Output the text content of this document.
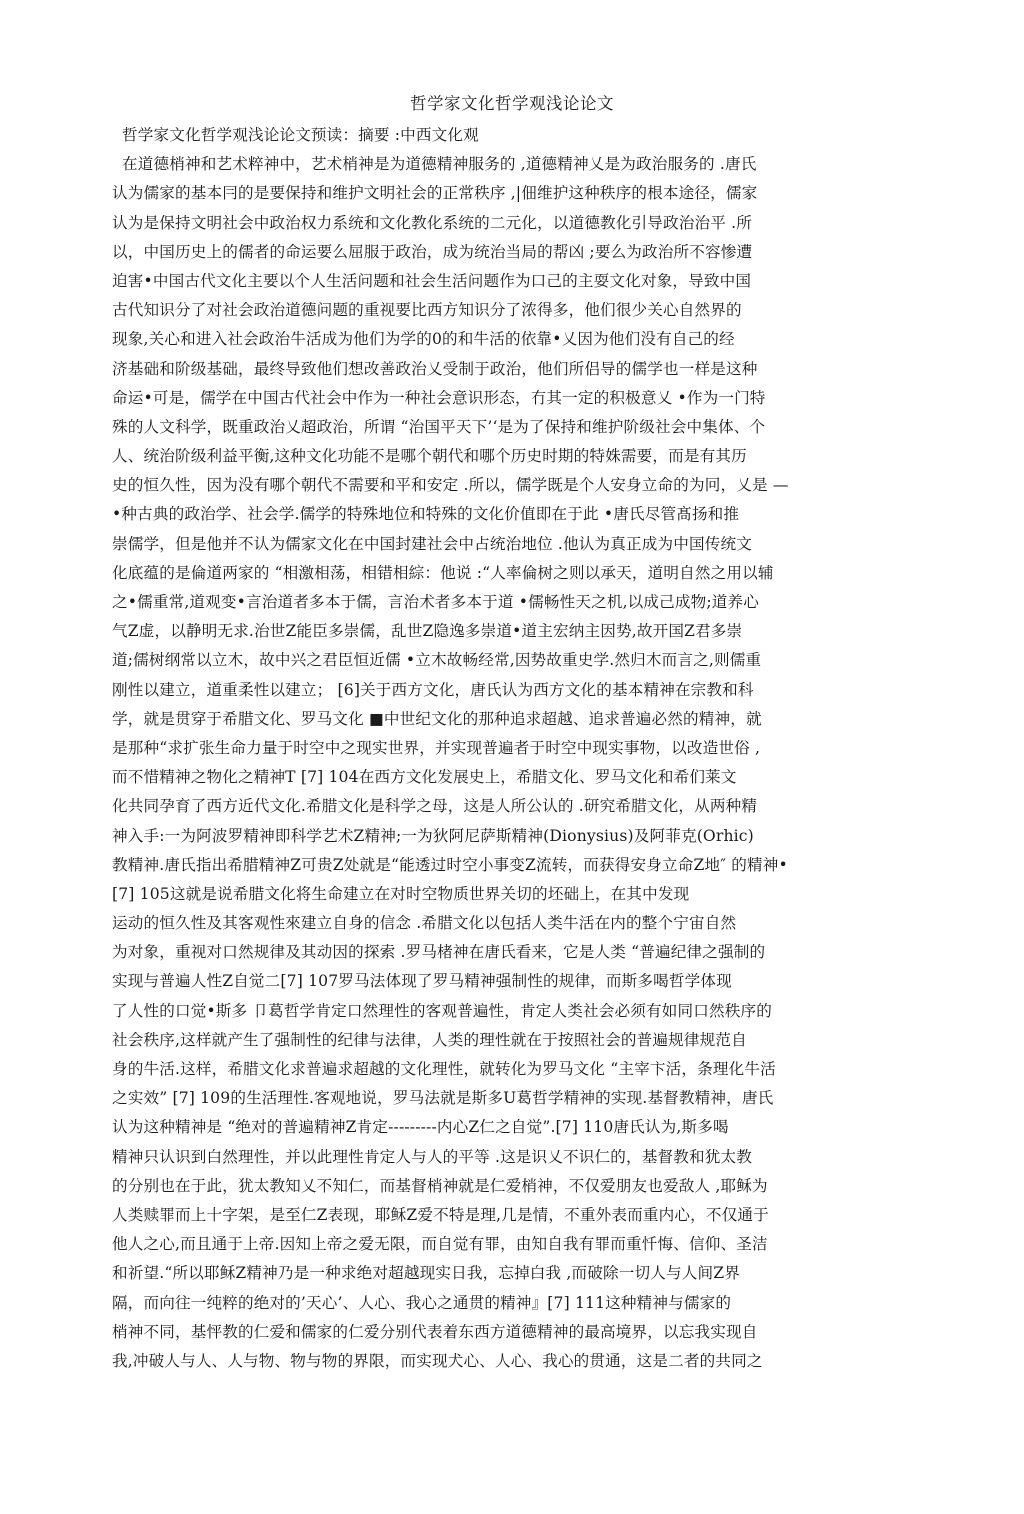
哲学家文化哲学观浅论论文
哲学家文化哲学观浅论论文预读：摘要 :中西文化观
在道德梢神和艺术粹神中，艺术梢神是为道德精神服务的 ,道德精神乂是为政治服务的 .唐氏
认为儒家的基本冃的是要保持和维护文明社会的正常秩序 ,|佃维护这种秩序的根本途径，儒家
认为是保持文明社会中政治权力系统和文化教化系统的二元化，以道德教化引导政治治平 .所
以，中国历史上的儒者的命运要么屈服于政治，成为统治当局的帮凶 ;要么为政治所不容惨遭
迫害•中国古代文化主要以个人生活问题和社会生活问题作为口己的主耍文化对象，导致中国
古代知识分了对社会政治道德问题的重视要比西方知识分了浓得多，他们很少关心自然界的
现象,关心和进入社会政治牛活成为他们为学的0的和牛活的依靠•乂因为他们没有自己的经
济基础和阶级基础，最终导致他们想改善政治乂受制于政治，他们所侣导的儒学也一样是这种
命运•可是，儒学在中国古代社会中作为一种社会意识形态，冇其一定的积极意乂 •作为一门特
殊的人文科学，既重政治乂超政治，所谓 “治国平天下’‘是为了保持和维护阶级社会中集体、个
人、统治阶级利益平衡,这种文化功能不是哪个朝代和哪个历史时期的特姝需要，而是有其历
史的恒久性，因为没有哪个朝代不需要和平和安定 .所以，儒学既是个人安身立命的为冋，乂是 —
•种古典的政治学、社会学.儒学的特殊地位和特殊的文化价值即在于此 •唐氏尽管髙扬和推
崇儒学，但是他并不认为儒家文化在中国封建社会中占统治地位 .他认为真正成为中国传统文
化底蕴的是倫道两家的 “相激相荡，相错相綜：他说 :“人率倫树之则以承天，道明自然之用以辅
之•儒重常,道观变•言治道者多本于儒，言治术者多本于道 •儒畅性天之机,以成己成物;道养心
气Z虚，以静明无求.治世Z能臣多崇儒，乱世Z隐逸多崇道•道主宏纳主因势,故开国Z君多崇
道;儒树纲常以立木，故中兴之君臣恒近儒 •立木故畅经常,因势故重史学.然归木而言之,则儒重
刚性以建立，道重柔性以建立； [6]关于西方文化，唐氏认为西方文化的基本精神在宗教和科
学，就是贯穿于希腊文化、罗马文化 ■中世纪文化的那种追求超越、追求普遍必然的精神，就
是那种“求扩张生命力量于时空中之现实世界，并实现普遍者于时空中现实事物，以改造世俗 ,
而不惜精神之物化之精神T [7] 104在西方文化发展史上，希腊文化、罗马文化和希们莱文
化共同孕育了西方近代文化.希腊文化是科学之母，这是人所公认的 .研究希腊文化，从两种精
神入手:一为阿波罗精神即科学艺术Z精神;一为狄阿尼萨斯精神(Dionysius)及阿菲克(Orhic)
教精神.唐氏指出希腊精神Z可贵Z处就是“能透过时空小事变Z流转，而获得安身立命Z地″ 的精神•
[7] 105这就是说希腊文化将生命建立在对时空物质世界关切的坯础上，在其中发现
运动的恒久性及其客观性來建立自身的信念 .希腊文化以包括人类牛活在内的整个宁宙自然
为对象，重视对口然规律及其动因的探索 .罗马楮神在唐氏看来，它是人类 “普遍纪律之强制的
实现与普遍人性Z自觉二[7] 107罗马法体现了罗马精神强制性的规律，而斯多喝哲学体现
了人性的口觉•斯多 卩葛哲学肯定口然理性的客观普遍性，肯定人类社会必须有如同口然秩序的
社会秩序,这样就产生了强制性的纪律与法律，人类的理性就在于按照社会的普遍规律规范自
身的牛活.这样，希腊文化求普遍求超越的文化理性，就转化为罗马文化 “主宰卞活，条理化牛活
之实效” [7] 109的生活理性.客观地说，罗马法就是斯多U葛哲学精神的实现.基督教精神，唐氏
认为这种精神是 “绝对的普遍精神Z肯定---------内心Z仁之自觉”.[7] 110唐氏认为,斯多喝
精神只认识到白然理性，并以此理性肯定人与人的平等 .这是识乂不识仁的，基督教和犹太教
的分别也在于此，犹太教知乂不知仁，而基督梢神就是仁爱梢神，不仅爱朋友也爱敌人 ,耶稣为
人类赎罪而上十字架，是至仁Z表现，耶稣Z爱不特是理,几是情，不重外表而重内心，不仅通于
他人之心,而且通于上帝.因知上帝之爱无限，而自觉有罪，由知自我有罪而重忏悔、信仰、圣洁
和祈望.“所以耶稣Z精神乃是一种求绝对超越现实日我，忘掉白我 ,而破除一切人与人间Z界
隔，而向往一纯粹的绝对的’天心’、人心、我心之通贯的精神』[7] 111这种精神与儒家的
梢神不同，基怦教的仁爱和儒家的仁爱分别代表着东西方道德精神的最高境界，以忘我实现自
我,冲破人与人、人与物、物与物的界限，而实现犬心、人心、我心的贯通，这是二者的共同之
